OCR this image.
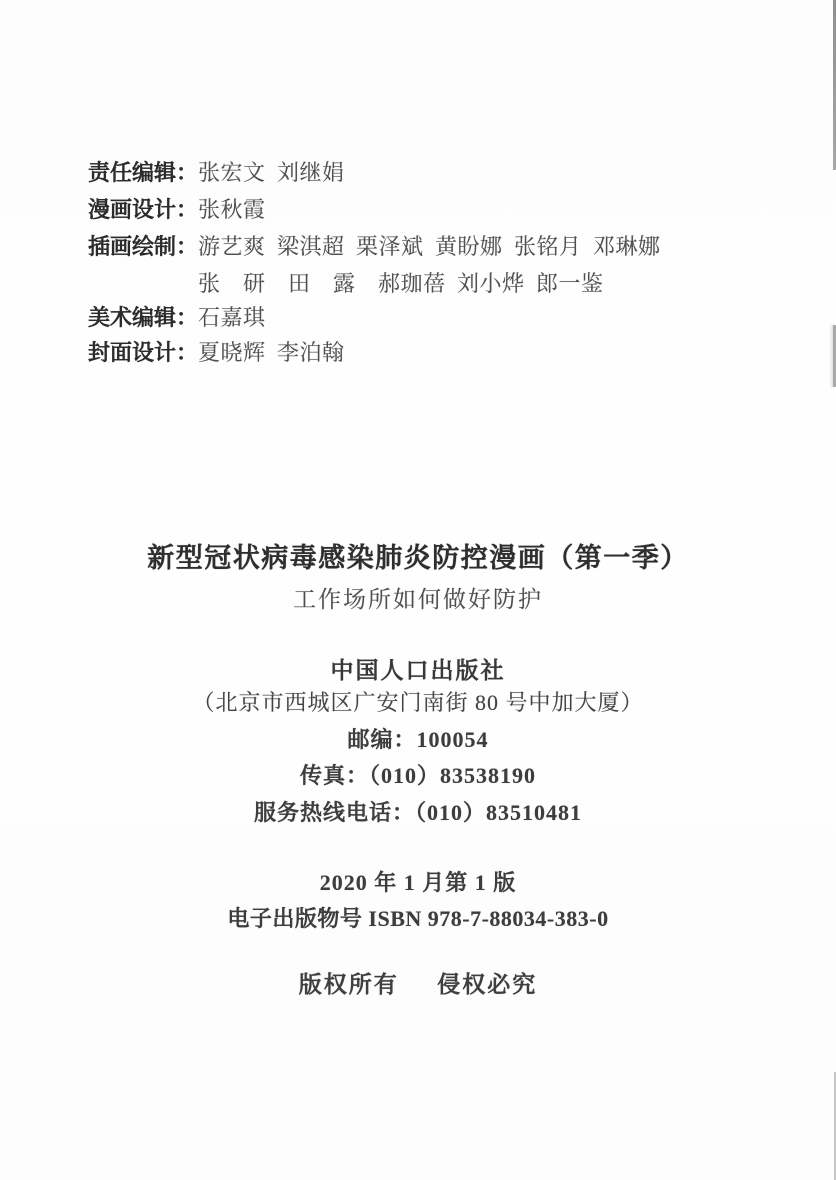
责任编辑： 张宏文 刘继娟
漫画设计： 张秋霞
插画绘制： 游艺爽 梁淇超 栗泽斌 黄盼娜 张铭月 邓琳娜
张　研　田　露　郝珈蓓 刘小烨 郎一鉴
美术编辑： 石嘉琪
封面设计： 夏晓辉 李泊翰
新型冠状病毒感染肺炎防控漫画（第一季）
工作场所如何做好防护
中国人口出版社
（北京市西城区广安门南街 80 号中加大厦）
邮编：100054
传真：（010）83538190
服务热线电话：（010）83510481
2020 年 1 月第 1 版
电子出版物号 ISBN 978-7-88034-383-0
版权所有　 侵权必究
